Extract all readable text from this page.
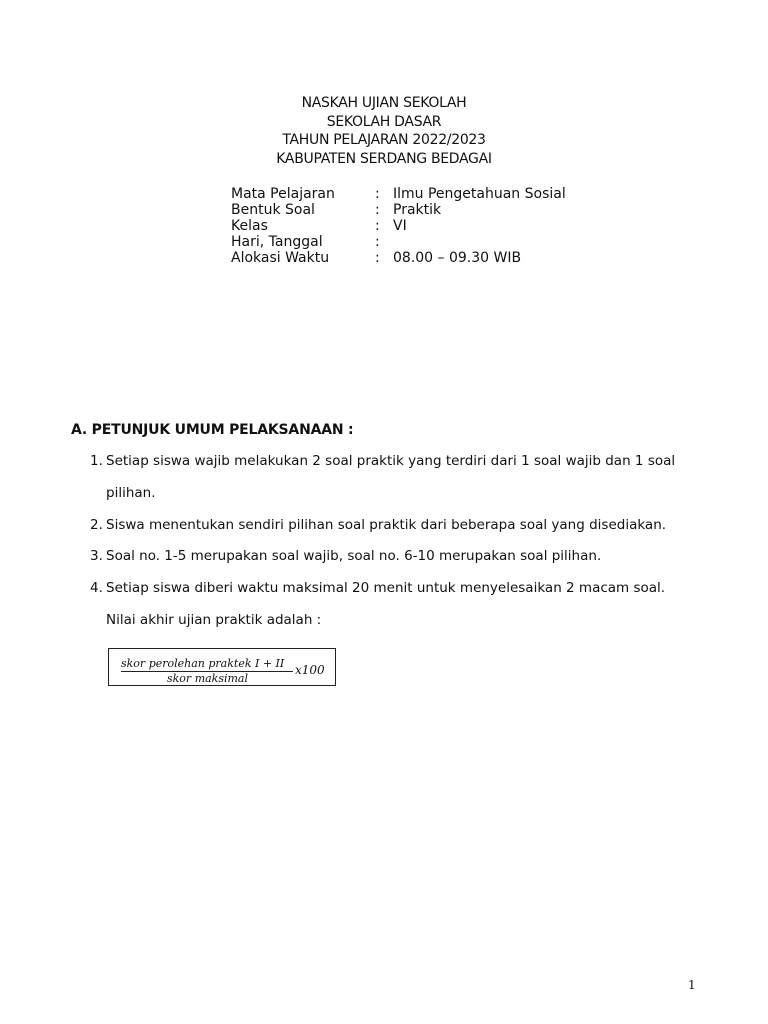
NASKAH UJIAN SEKOLAH
SEKOLAH DASAR
TAHUN PELAJARAN 2022/2023
KABUPATEN SERDANG BEDAGAI
Mata Pelajaran	: Ilmu Pengetahuan Sosial
Bentuk Soal	: Praktik
Kelas	: VI
Hari, Tanggal	:
Alokasi Waktu	: 08.00 – 09.30 WIB
A. PETUNJUK UMUM PELAKSANAAN :
1. Setiap siswa wajib melakukan 2 soal praktik yang terdiri dari 1 soal wajib dan 1 soal
pilihan.
2. Siswa menentukan sendiri pilihan soal praktik dari beberapa soal yang disediakan.
3. Soal no. 1-5 merupakan soal wajib, soal no. 6-10 merupakan soal pilihan.
4. Setiap siswa diberi waktu maksimal 20 menit untuk menyelesaikan 2 macam soal.
Nilai akhir ujian praktik adalah :
skor perolehan praktek I + II
skor maksimal
x100
1
